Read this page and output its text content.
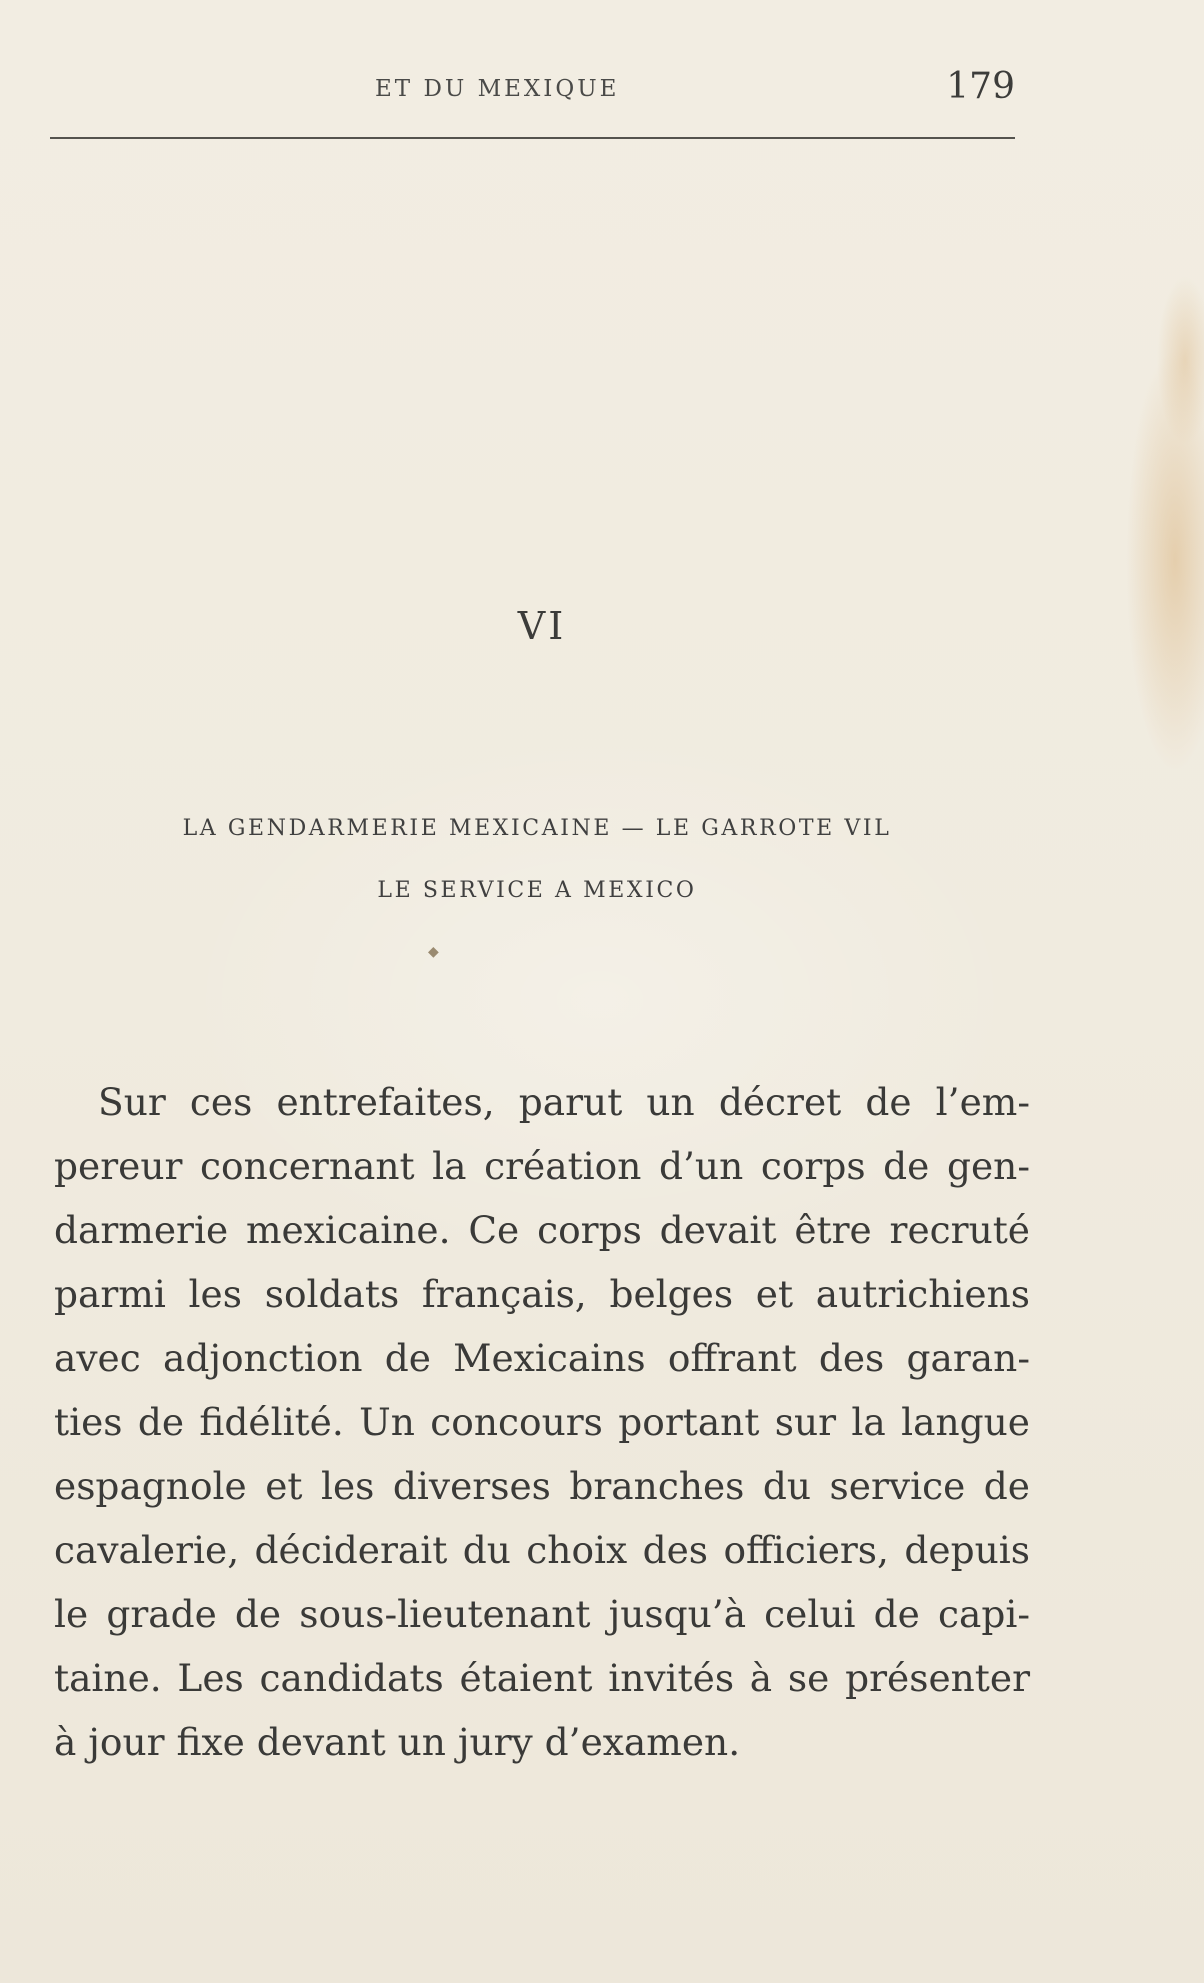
ET DU MEXIQUE	179
VI
LA GENDARMERIE MEXICAINE — LE GARROTE VIL
LE SERVICE A MEXICO
◆
Sur ces entrefaites, parut un décret de l’em-
pereur concernant la création d’un corps de gen-
darmerie mexicaine. Ce corps devait être recruté
parmi les soldats français, belges et autrichiens
avec adjonction de Mexicains offrant des garan-
ties de fidélité. Un concours portant sur la langue
espagnole et les diverses branches du service de
cavalerie, déciderait du choix des officiers, depuis
le grade de sous-lieutenant jusqu’à celui de capi-
taine. Les candidats étaient invités à se présenter
à jour fixe devant un jury d’examen.
